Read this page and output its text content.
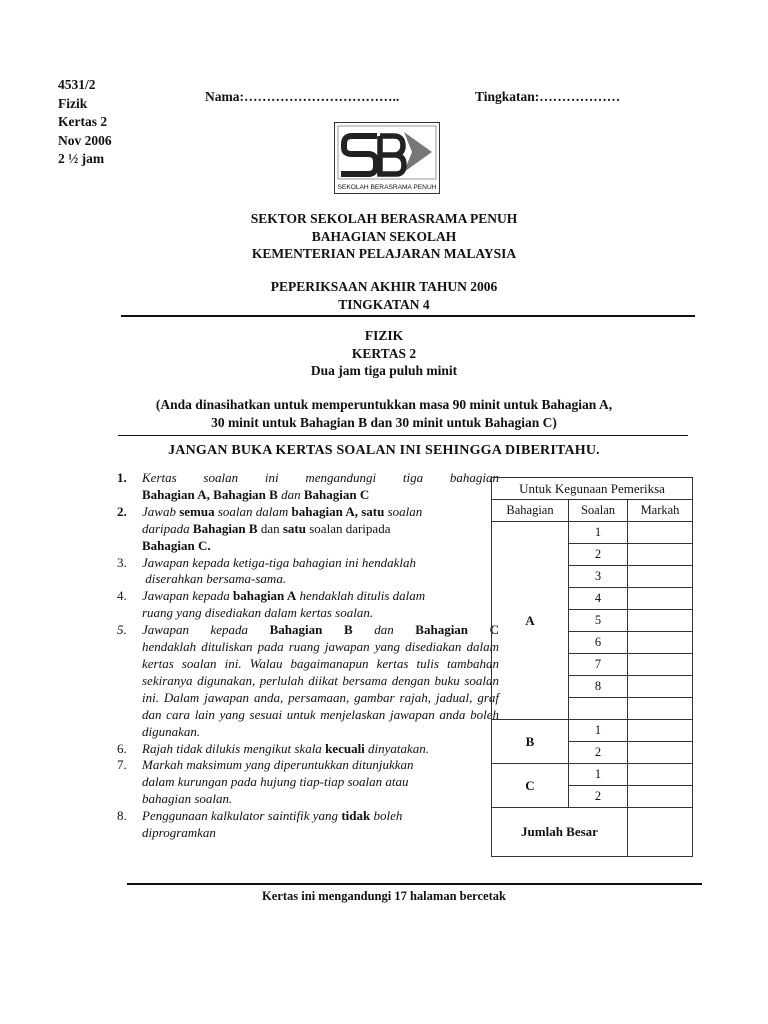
4531/2
Fizik
Kertas 2
Nov 2006
2 ½ jam
Nama:……………………………..	Tingkatan:………………
SEKOLAH BERASRAMA PENUH
SEKTOR SEKOLAH BERASRAMA PENUH
BAHAGIAN SEKOLAH
KEMENTERIAN PELAJARAN MALAYSIA
PEPERIKSAAN AKHIR TAHUN 2006
TINGKATAN 4
FIZIK
KERTAS 2
Dua jam tiga puluh minit
(Anda dinasihatkan untuk memperuntukkan masa 90 minit untuk Bahagian A,
30 minit untuk Bahagian B dan 30 minit untuk Bahagian C)
JANGAN BUKA KERTAS SOALAN INI SEHINGGA DIBERITAHU.
1.	Kertas soalan ini mengandungi tiga bahagian
Bahagian A, Bahagian B dan Bahagian C
2.	Jawab semua soalan dalam bahagian A, satu soalan
daripada Bahagian B dan satu soalan daripada
Bahagian C.
3.	Jawapan kepada ketiga-tiga bahagian ini hendaklah
diserahkan bersama-sama.
4.	Jawapan kepada bahagian A hendaklah ditulis dalam
ruang yang disediakan dalam kertas soalan.
5.	Jawapan kepada Bahagian B dan Bahagian C
hendaklah dituliskan pada ruang jawapan yang disediakan dalam kertas soalan ini. Walau bagaimanapun kertas tulis tambahan sekiranya digunakan, perlulah diikat bersama dengan buku soalan ini. Dalam jawapan anda, persamaan, gambar rajah, jadual, graf dan cara lain yang sesuai untuk menjelaskan jawapan anda boleh digunakan.
6.	Rajah tidak dilukis mengikut skala kecuali dinyatakan.
7.	Markah maksimum yang diperuntukkan ditunjukkan
dalam kurungan pada hujung tiap-tiap soalan atau
bahagian soalan.
8.	Penggunaan kalkulator saintifik yang tidak boleh
diprogramkan
Untuk Kegunaan Pemeriksa		
Bahagian	Soalan	Markah
A	1	
	2	
	3	
	4	
	5	
	6	
	7	
	8	

B	1	
	2	
C	1	
	2	
Jumlah Besar		
Kertas ini mengandungi 17 halaman bercetak
